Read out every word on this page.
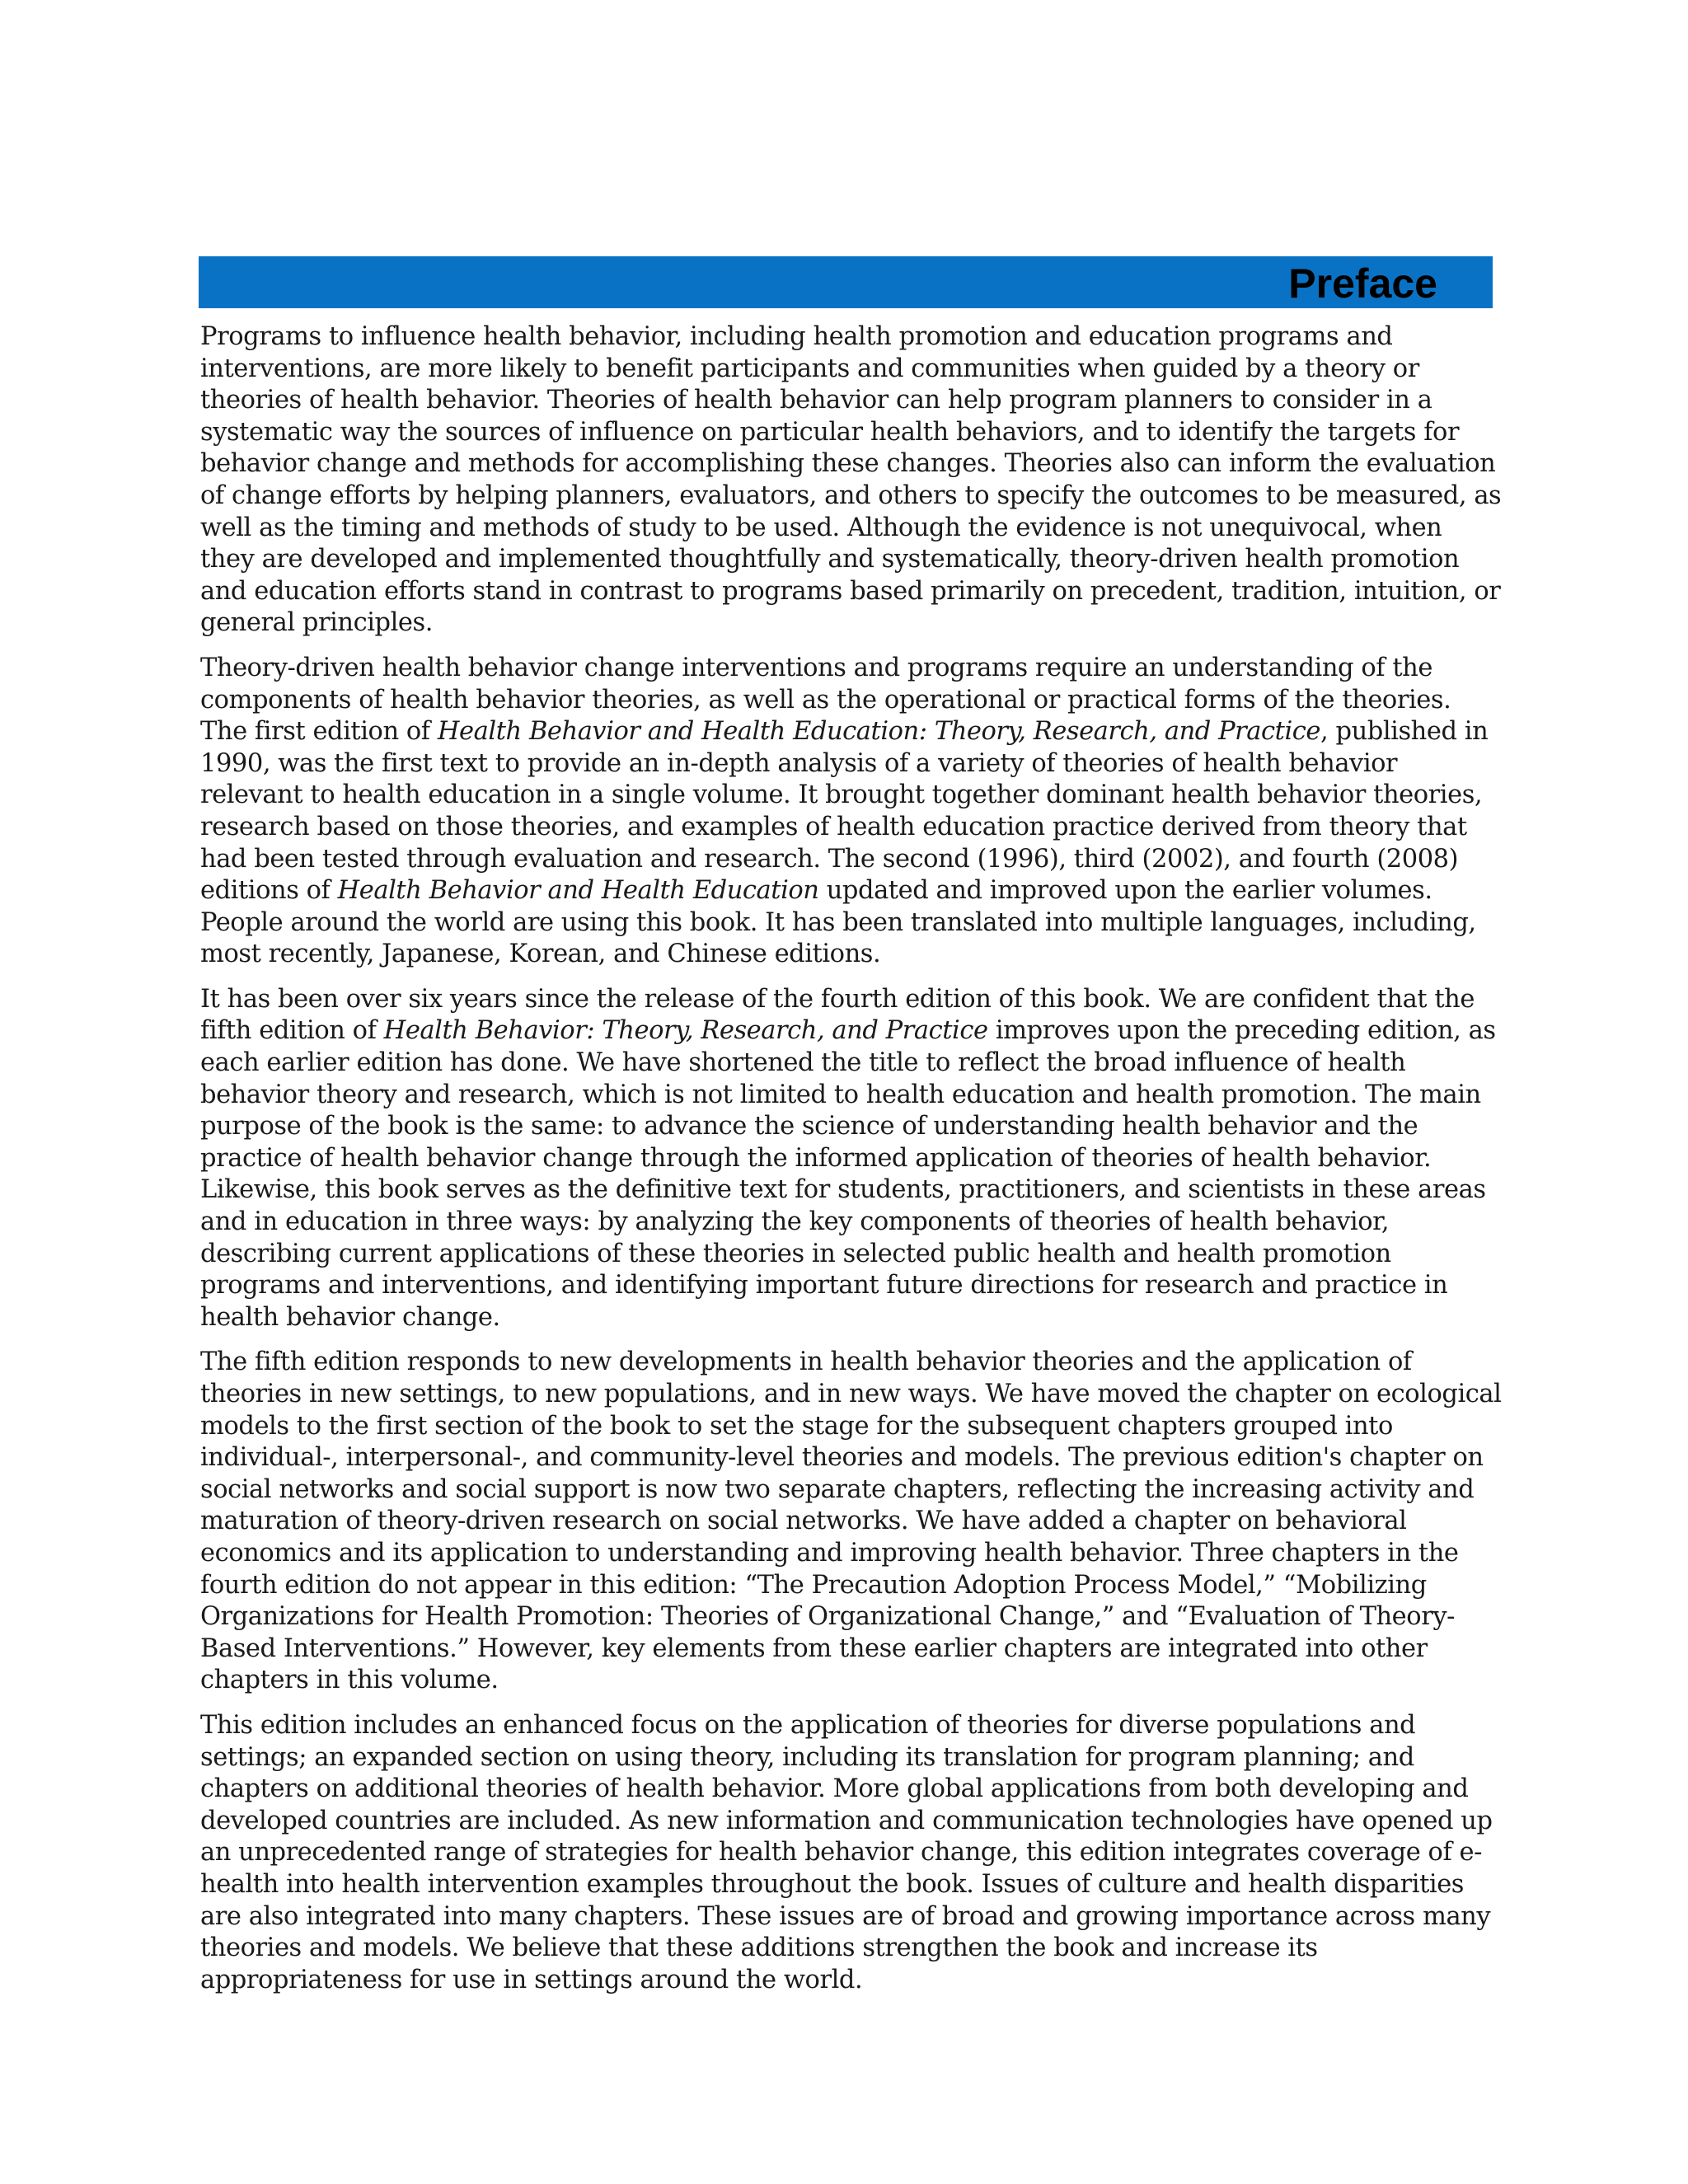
Preface

Programs to influence health behavior, including health promotion and education programs and interventions, are more likely to benefit participants and communities when guided by a theory or theories of health behavior. Theories of health behavior can help program planners to consider in a systematic way the sources of influence on particular health behaviors, and to identify the targets for behavior change and methods for accomplishing these changes. Theories also can inform the evaluation of change efforts by helping planners, evaluators, and others to specify the outcomes to be measured, as well as the timing and methods of study to be used. Although the evidence is not unequivocal, when they are developed and implemented thoughtfully and systematically, theory-driven health promotion and education efforts stand in contrast to programs based primarily on precedent, tradition, intuition, or general principles.

Theory-driven health behavior change interventions and programs require an understanding of the components of health behavior theories, as well as the operational or practical forms of the theories. The first edition of Health Behavior and Health Education: Theory, Research, and Practice, published in 1990, was the first text to provide an in-depth analysis of a variety of theories of health behavior relevant to health education in a single volume. It brought together dominant health behavior theories, research based on those theories, and examples of health education practice derived from theory that had been tested through evaluation and research. The second (1996), third (2002), and fourth (2008) editions of Health Behavior and Health Education updated and improved upon the earlier volumes. People around the world are using this book. It has been translated into multiple languages, including, most recently, Japanese, Korean, and Chinese editions.

It has been over six years since the release of the fourth edition of this book. We are confident that the fifth edition of Health Behavior: Theory, Research, and Practice improves upon the preceding edition, as each earlier edition has done. We have shortened the title to reflect the broad influence of health behavior theory and research, which is not limited to health education and health promotion. The main purpose of the book is the same: to advance the science of understanding health behavior and the practice of health behavior change through the informed application of theories of health behavior. Likewise, this book serves as the definitive text for students, practitioners, and scientists in these areas and in education in three ways: by analyzing the key components of theories of health behavior, describing current applications of these theories in selected public health and health promotion programs and interventions, and identifying important future directions for research and practice in health behavior change.

The fifth edition responds to new developments in health behavior theories and the application of theories in new settings, to new populations, and in new ways. We have moved the chapter on ecological models to the first section of the book to set the stage for the subsequent chapters grouped into individual-, interpersonal-, and community-level theories and models. The previous edition's chapter on social networks and social support is now two separate chapters, reflecting the increasing activity and maturation of theory-driven research on social networks. We have added a chapter on behavioral economics and its application to understanding and improving health behavior. Three chapters in the fourth edition do not appear in this edition: “The Precaution Adoption Process Model,” “Mobilizing Organizations for Health Promotion: Theories of Organizational Change,” and “Evaluation of Theory-Based Interventions.” However, key elements from these earlier chapters are integrated into other chapters in this volume.

This edition includes an enhanced focus on the application of theories for diverse populations and settings; an expanded section on using theory, including its translation for program planning; and chapters on additional theories of health behavior. More global applications from both developing and developed countries are included. As new information and communication technologies have opened up an unprecedented range of strategies for health behavior change, this edition integrates coverage of e-health into health intervention examples throughout the book. Issues of culture and health disparities are also integrated into many chapters. These issues are of broad and growing importance across many theories and models. We believe that these additions strengthen the book and increase its appropriateness for use in settings around the world.
